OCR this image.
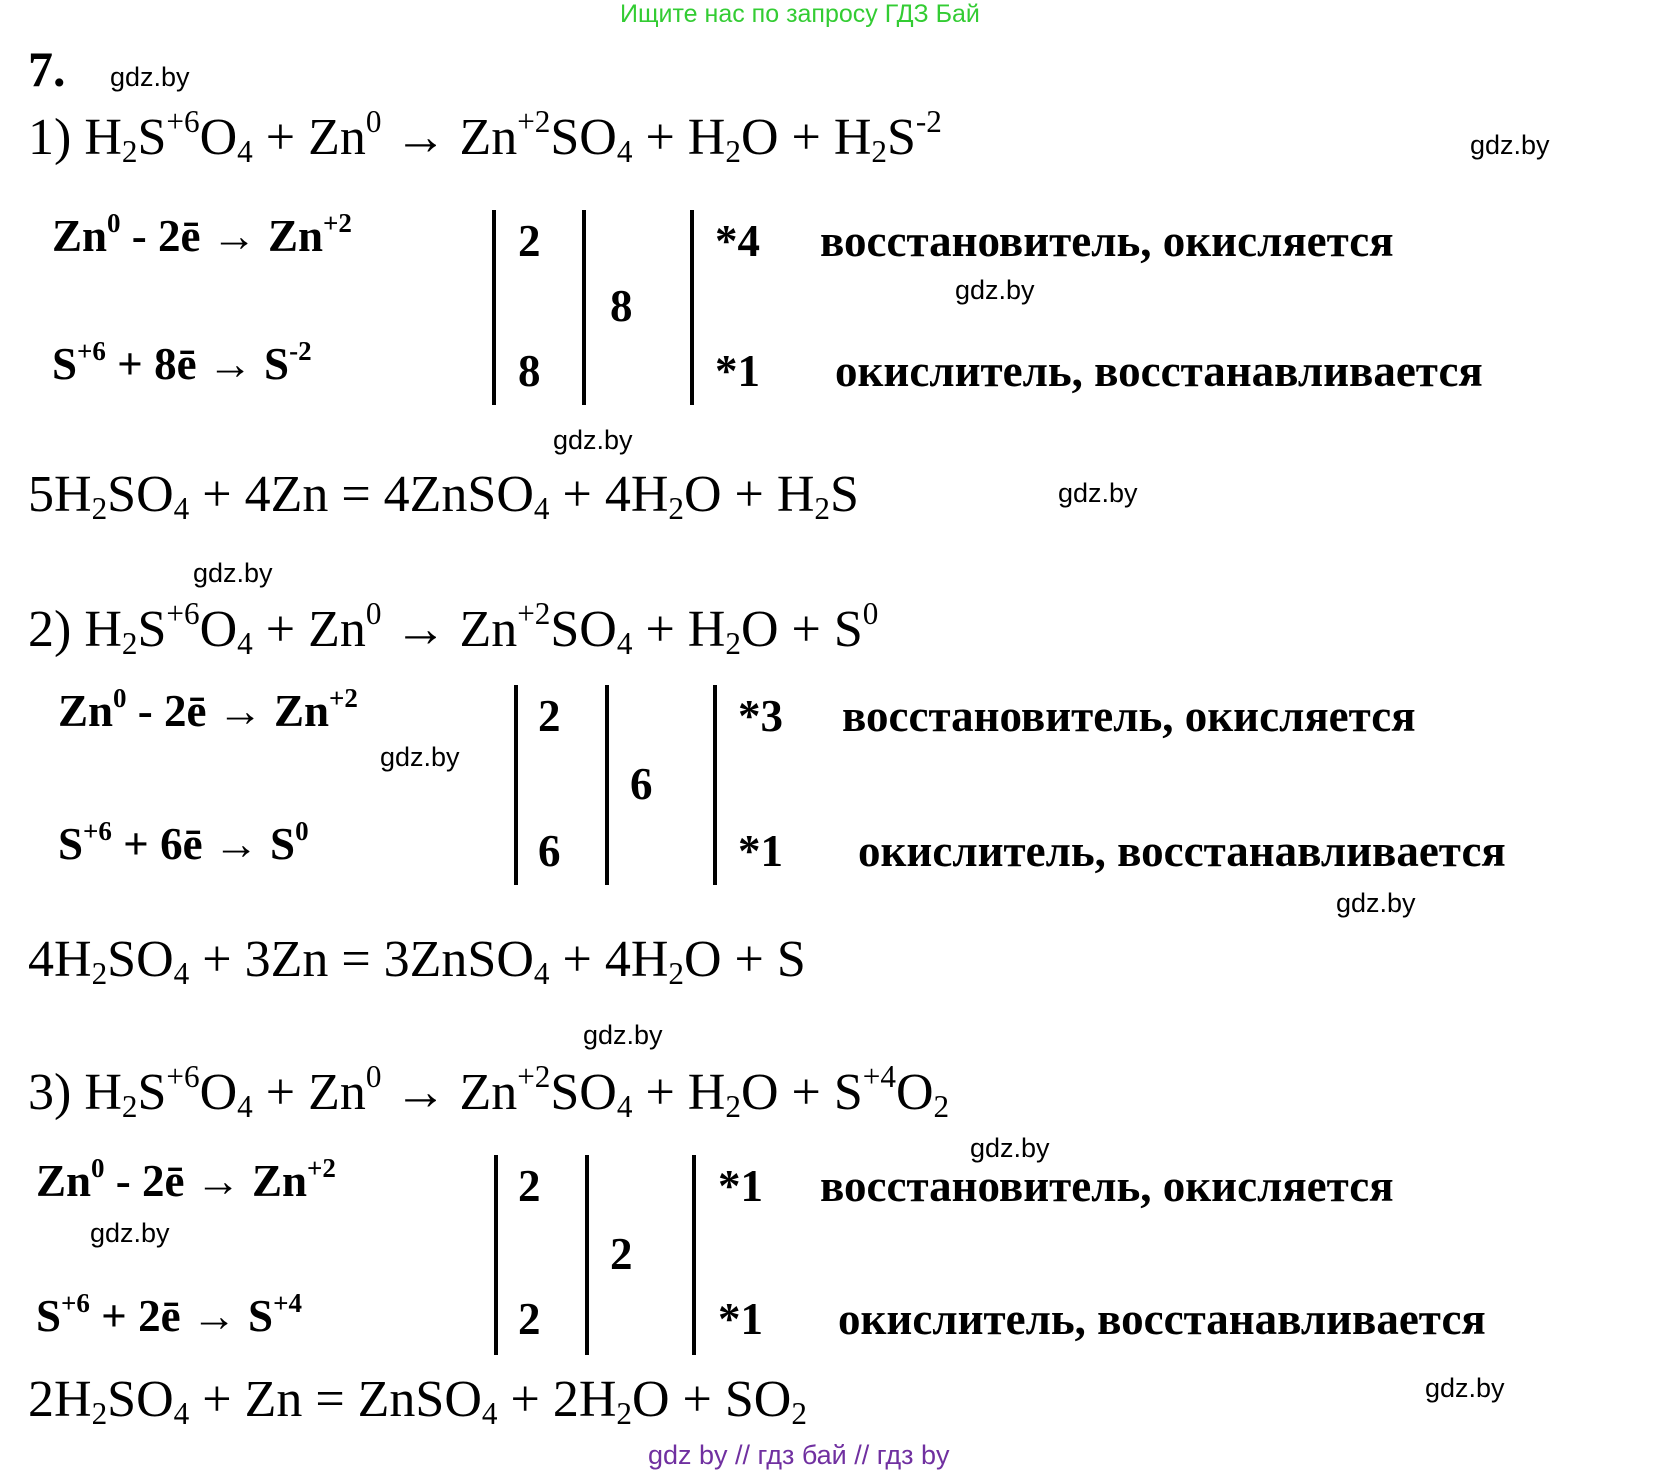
Ищите нас по запросу ГДЗ Бай
7. gdz.by
1) $H_2S^{+6}O_4 + Zn^0 \to Zn^{+2}SO_4 + H_2O + H_2S^{-2}$
gdz.by
Zn$^0$ - 2ē → $Zn^{+2}$
$S^{+6}$ + 8ē → $S^{-2}$
2
8
8
*4
*1
восстановитель, окисляется
окислитель, восстанавливается
gdz.by
gdz.by
$5H_2SO_4 + 4Zn$ = 4ZnSO$_4$ + $4H_2O + H_2S$	gdz.by
gdz.by
2) $H_2S^{+6}O_4 + Zn^0 \to Zn^{+2}SO_4 + H_2O + S^0$
Zn$^0$ - 2ē → $Zn^{+2}$
$S^{+6}$ + 6ē → $S^0$
gdz.by
2
6
6
*3
*1
восстановитель, окисляется
окислитель, восстанавливается
gdz.by
$4H_2SO_4 + 3Zn$ = 3ZnSO$_4$ + $4H_2O + S$
gdz.by
3) $H_2S^{+6}O_4 + Zn^0 \to Zn^{+2}SO_4 + H_2O + S^{+4}O_2$
gdz.by
Zn$^0$ - 2ē → $Zn^{+2}$
$S^{+6}$ + 2ē → $S^{+4}$
gdz.by
2
2
2
*1
*1
восстановитель, окисляется
окислитель, восстанавливается
$2H_2SO_4 + Zn$ = ZnSO$_4$ + $2H_2O + SO_2$
gdz.by
gdz by // гдз бай // гдз by
